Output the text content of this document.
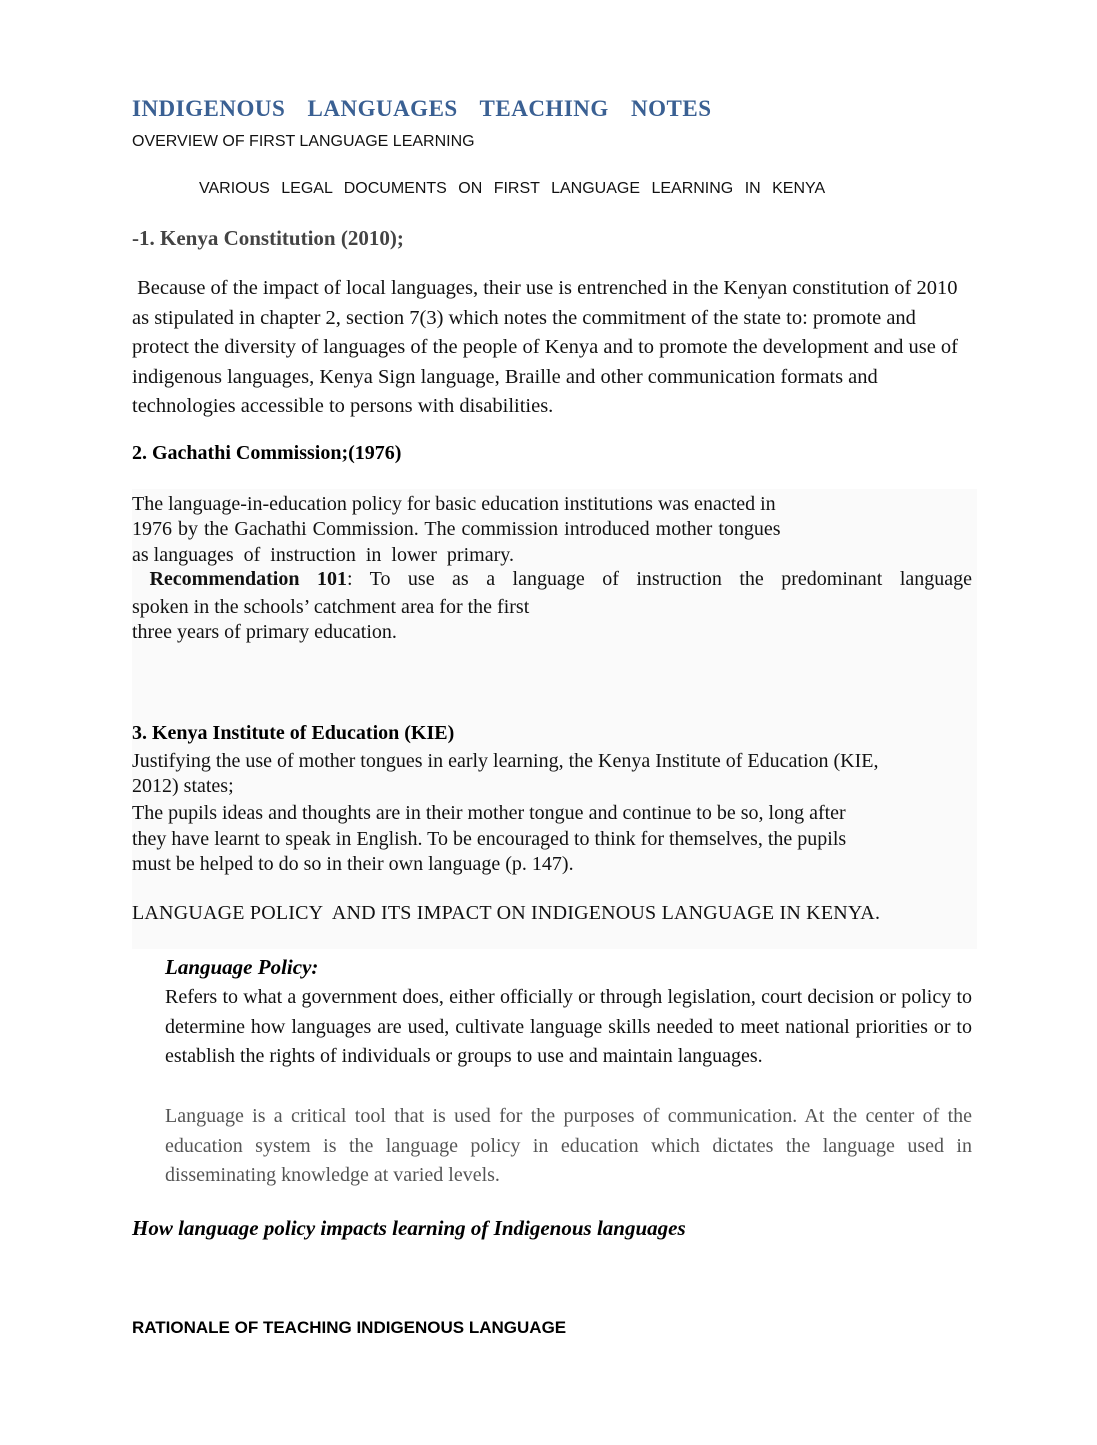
INDIGENOUS LANGUAGES TEACHING NOTES
OVERVIEW OF FIRST LANGUAGE LEARNING
VARIOUS LEGAL DOCUMENTS ON FIRST LANGUAGE LEARNING IN KENYA
-1. Kenya Constitution (2010);
Because of the impact of local languages, their use is entrenched in the Kenyan constitution of 2010 as stipulated in chapter 2, section 7(3) which notes the commitment of the state to: promote and protect the diversity of languages of the people of Kenya and to promote the development and use of indigenous languages, Kenya Sign language, Braille and other communication formats and technologies accessible to persons with disabilities.
2. Gachathi Commission;(1976)
The language-in-education policy for basic education institutions was enacted in
1976 by the Gachathi Commission. The commission introduced mother tongues
as languages  of  instruction  in  lower  primary.
Recommendation 101: To use as a language of instruction the predominant language
spoken in the schools’ catchment area for the first
three years of primary education.
3. Kenya Institute of Education (KIE)
Justifying the use of mother tongues in early learning, the Kenya Institute of Education (KIE,
2012) states;
The pupils ideas and thoughts are in their mother tongue and continue to be so, long after
they have learnt to speak in English. To be encouraged to think for themselves, the pupils
must be helped to do so in their own language (p. 147).
LANGUAGE POLICY  AND ITS IMPACT ON INDIGENOUS LANGUAGE IN KENYA.
Language Policy:
Refers to what a government does, either officially or through legislation, court decision or policy to determine how languages are used, cultivate language skills needed to meet national priorities or to establish the rights of individuals or groups to use and maintain languages.
Language is a critical tool that is used for the purposes of communication. At the center of the education system is the language policy in education which dictates the language used in disseminating knowledge at varied levels.
How language policy impacts learning of Indigenous languages
RATIONALE OF TEACHING INDIGENOUS LANGUAGE
